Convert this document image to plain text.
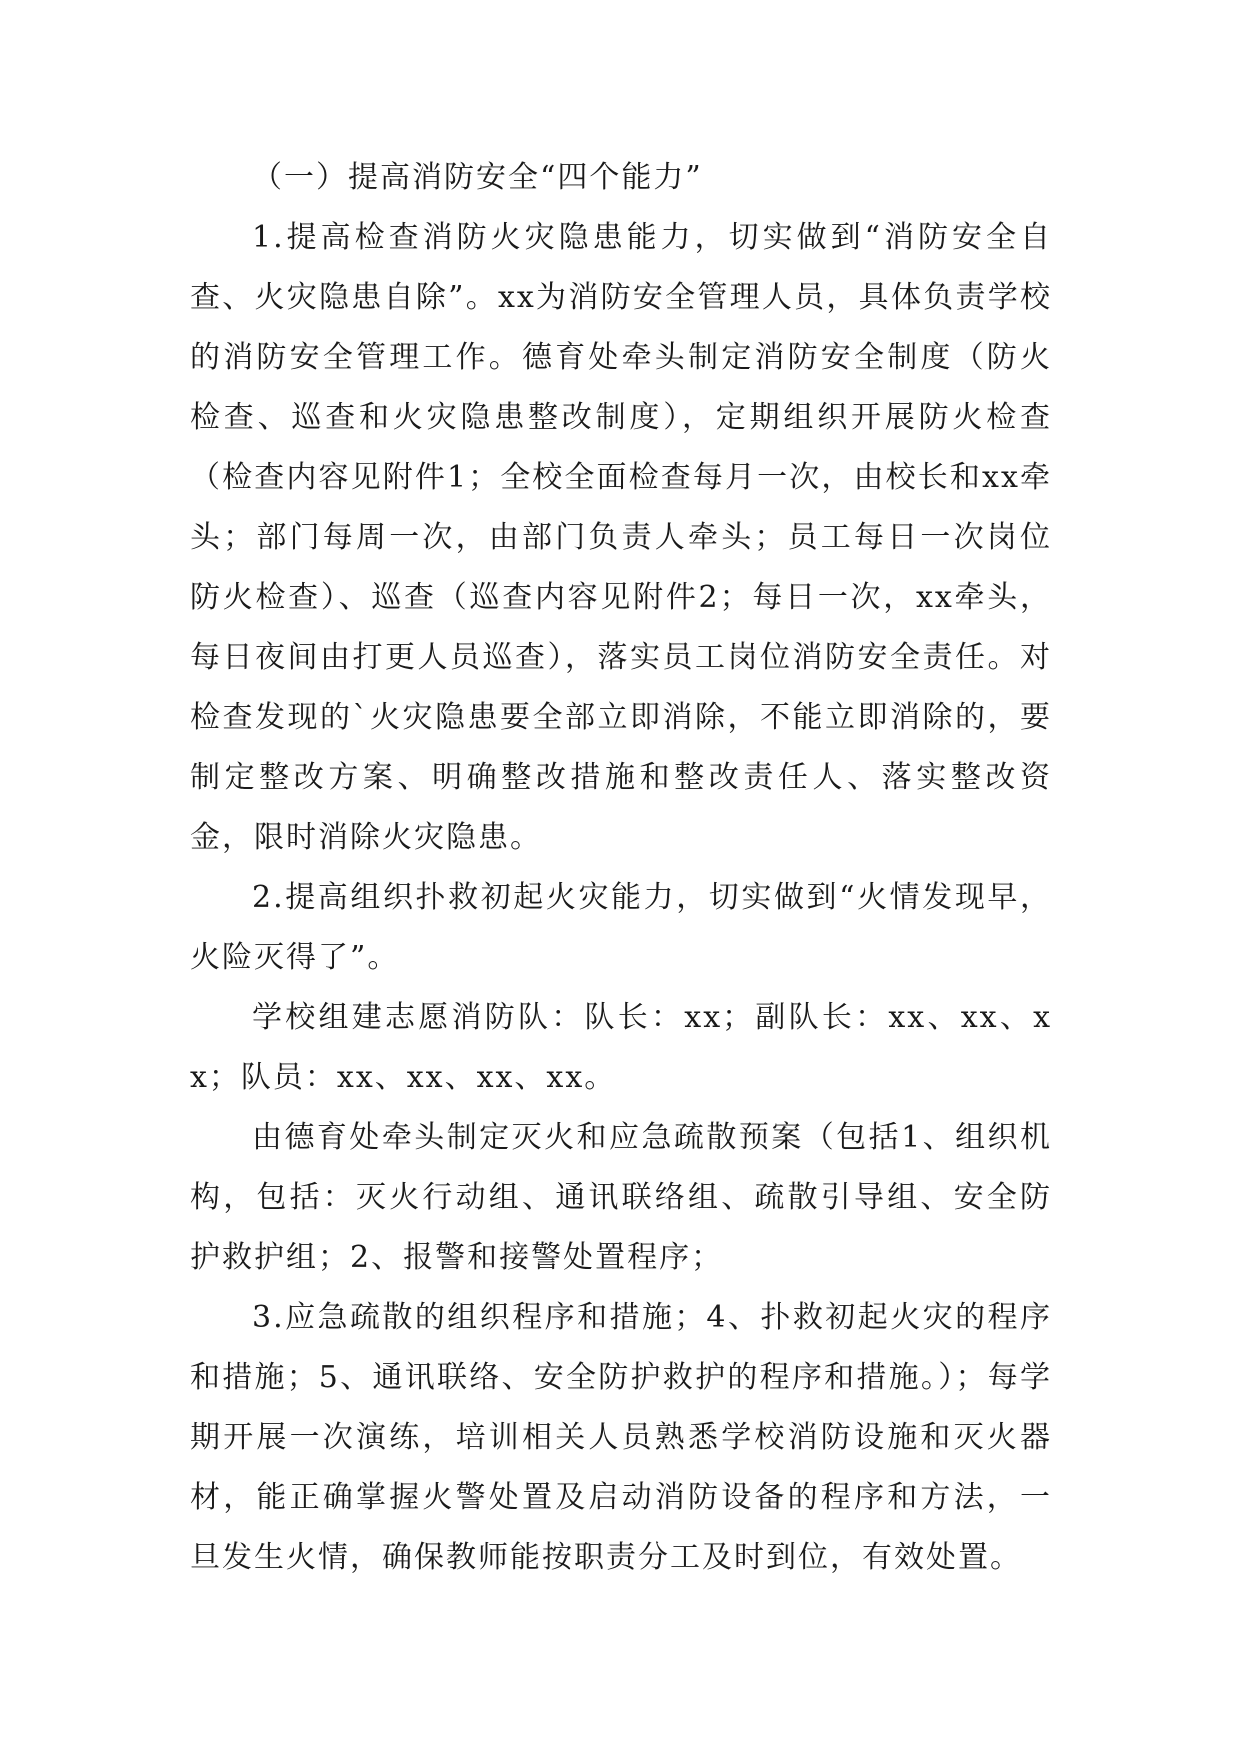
（一）提高消防安全“四个能力”

1.提高检查消防火灾隐患能力，切实做到“消防安全自查、火灾隐患自除”。xx为消防安全管理人员，具体负责学校的消防安全管理工作。德育处牵头制定消防安全制度（防火检查、巡查和火灾隐患整改制度），定期组织开展防火检查（检查内容见附件1；全校全面检查每月一次，由校长和xx牵头；部门每周一次，由部门负责人牵头；员工每日一次岗位防火检查）、巡查（巡查内容见附件2；每日一次，xx牵头，每日夜间由打更人员巡查），落实员工岗位消防安全责任。对检查发现的`火灾隐患要全部立即消除，不能立即消除的，要制定整改方案、明确整改措施和整改责任人、落实整改资金，限时消除火灾隐患。

2.提高组织扑救初起火灾能力，切实做到“火情发现早，火险灭得了”。

学校组建志愿消防队：队长：xx；副队长：xx、xx、xx；队员：xx、xx、xx、xx。

由德育处牵头制定灭火和应急疏散预案（包括1、组织机构，包括：灭火行动组、通讯联络组、疏散引导组、安全防护救护组；2、报警和接警处置程序；

3.应急疏散的组织程序和措施；4、扑救初起火灾的程序和措施；5、通讯联络、安全防护救护的程序和措施。）；每学期开展一次演练，培训相关人员熟悉学校消防设施和灭火器材，能正确掌握火警处置及启动消防设备的程序和方法，一旦发生火情，确保教师能按职责分工及时到位，有效处置。
